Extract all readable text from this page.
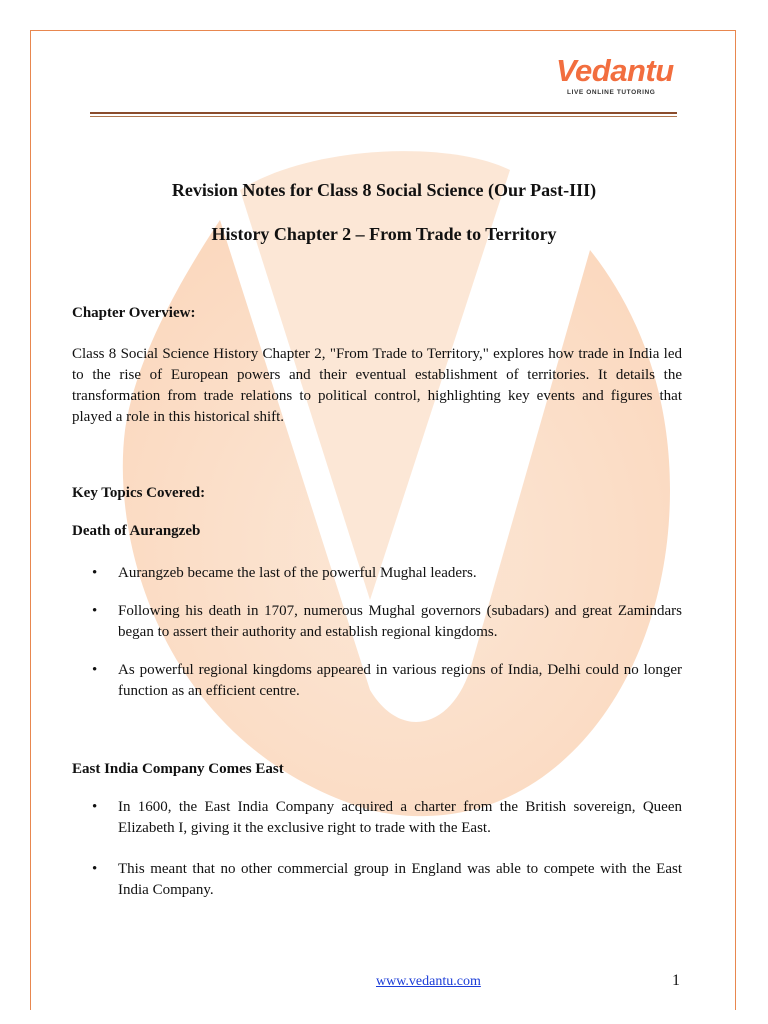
Vedantu
LIVE ONLINE TUTORING
Revision Notes for Class 8 Social Science (Our Past-III)
History Chapter 2 – From Trade to Territory
Chapter Overview:

Class 8 Social Science History Chapter 2, "From Trade to Territory," explores how trade in India led to the rise of European powers and their eventual establishment of territories. It details the transformation from trade relations to political control, highlighting key events and figures that played a role in this historical shift.

Key Topics Covered:
Death of Aurangzeb
• Aurangzeb became the last of the powerful Mughal leaders.
• Following his death in 1707, numerous Mughal governors (subadars) and great Zamindars began to assert their authority and establish regional kingdoms.
• As powerful regional kingdoms appeared in various regions of India, Delhi could no longer function as an efficient centre.
East India Company Comes East
• In 1600, the East India Company acquired a charter from the British sovereign, Queen Elizabeth I, giving it the exclusive right to trade with the East.
• This meant that no other commercial group in England was able to compete with the East India Company.
www.vedantu.com	1
